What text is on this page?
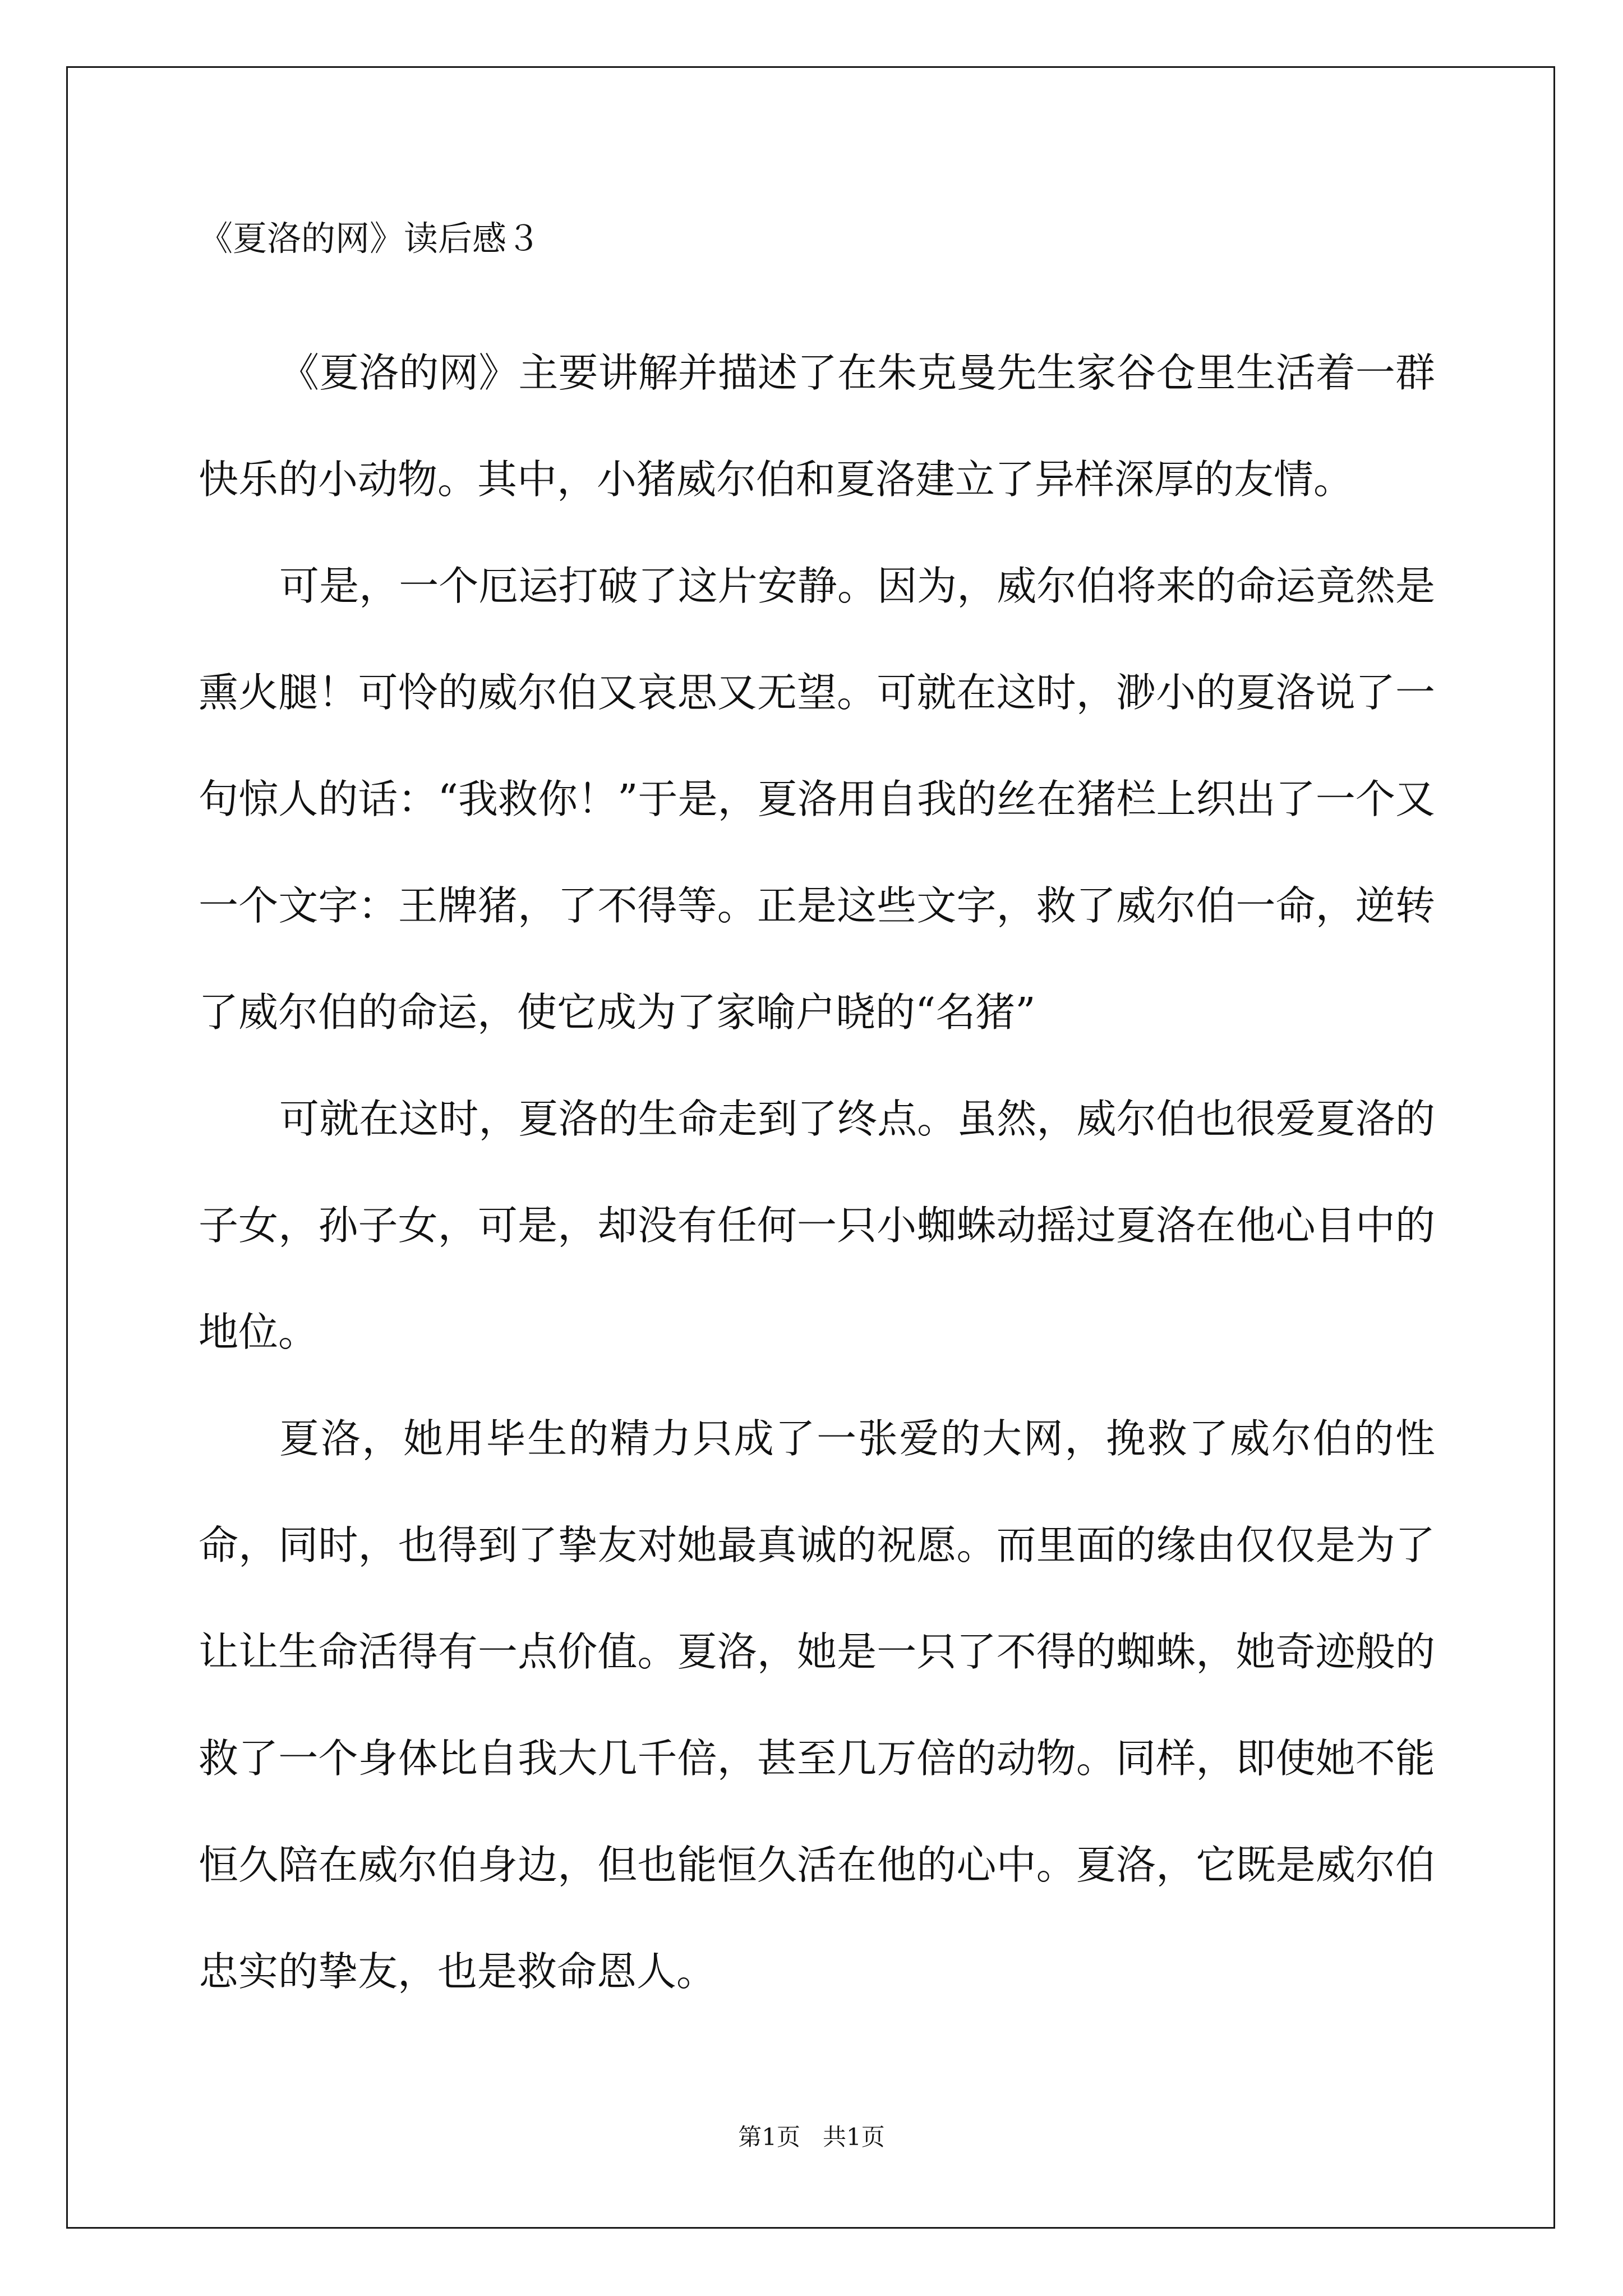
《夏洛的网》读后感３

《夏洛的网》主要讲解并描述了在朱克曼先生家谷仓里生活着一群快乐的小动物。其中，小猪威尔伯和夏洛建立了异样深厚的友情。

可是，一个厄运打破了这片安静。因为，威尔伯将来的命运竟然是熏火腿！可怜的威尔伯又哀思又无望。可就在这时，渺小的夏洛说了一句惊人的话：“我救你！”于是，夏洛用自我的丝在猪栏上织出了一个又一个文字：王牌猪，了不得等。正是这些文字，救了威尔伯一命，逆转了威尔伯的命运，使它成为了家喻户晓的“名猪”

可就在这时，夏洛的生命走到了终点。虽然，威尔伯也很爱夏洛的子女，孙子女，可是，却没有任何一只小蜘蛛动摇过夏洛在他心目中的地位。

夏洛，她用毕生的精力只成了一张爱的大网，挽救了威尔伯的性命，同时，也得到了挚友对她最真诚的祝愿。而里面的缘由仅仅是为了让让生命活得有一点价值。夏洛，她是一只了不得的蜘蛛，她奇迹般的救了一个身体比自我大几千倍，甚至几万倍的动物。同样，即使她不能恒久陪在威尔伯身边，但也能恒久活在他的心中。夏洛，它既是威尔伯忠实的挚友，也是救命恩人。

第1页   共1页
